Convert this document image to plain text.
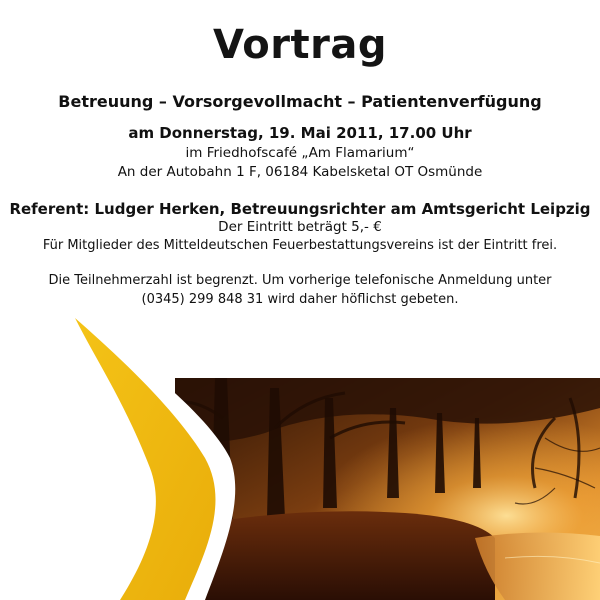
Vortrag
Betreuung – Vorsorgevollmacht – Patientenverfügung
am Donnerstag, 19. Mai 2011, 17.00 Uhr
im Friedhofscafé „Am Flamarium“
An der Autobahn 1 F, 06184 Kabelsketal OT Osmünde
Referent: Ludger Herken, Betreuungsrichter am Amtsgericht Leipzig
Der Eintritt beträgt 5,- €
Für Mitglieder des Mitteldeutschen Feuerbestattungsvereins ist der Eintritt frei.
Die Teilnehmerzahl ist begrenzt. Um vorherige telefonische Anmeldung unter
(0345) 299 848 31 wird daher höflichst gebeten.
